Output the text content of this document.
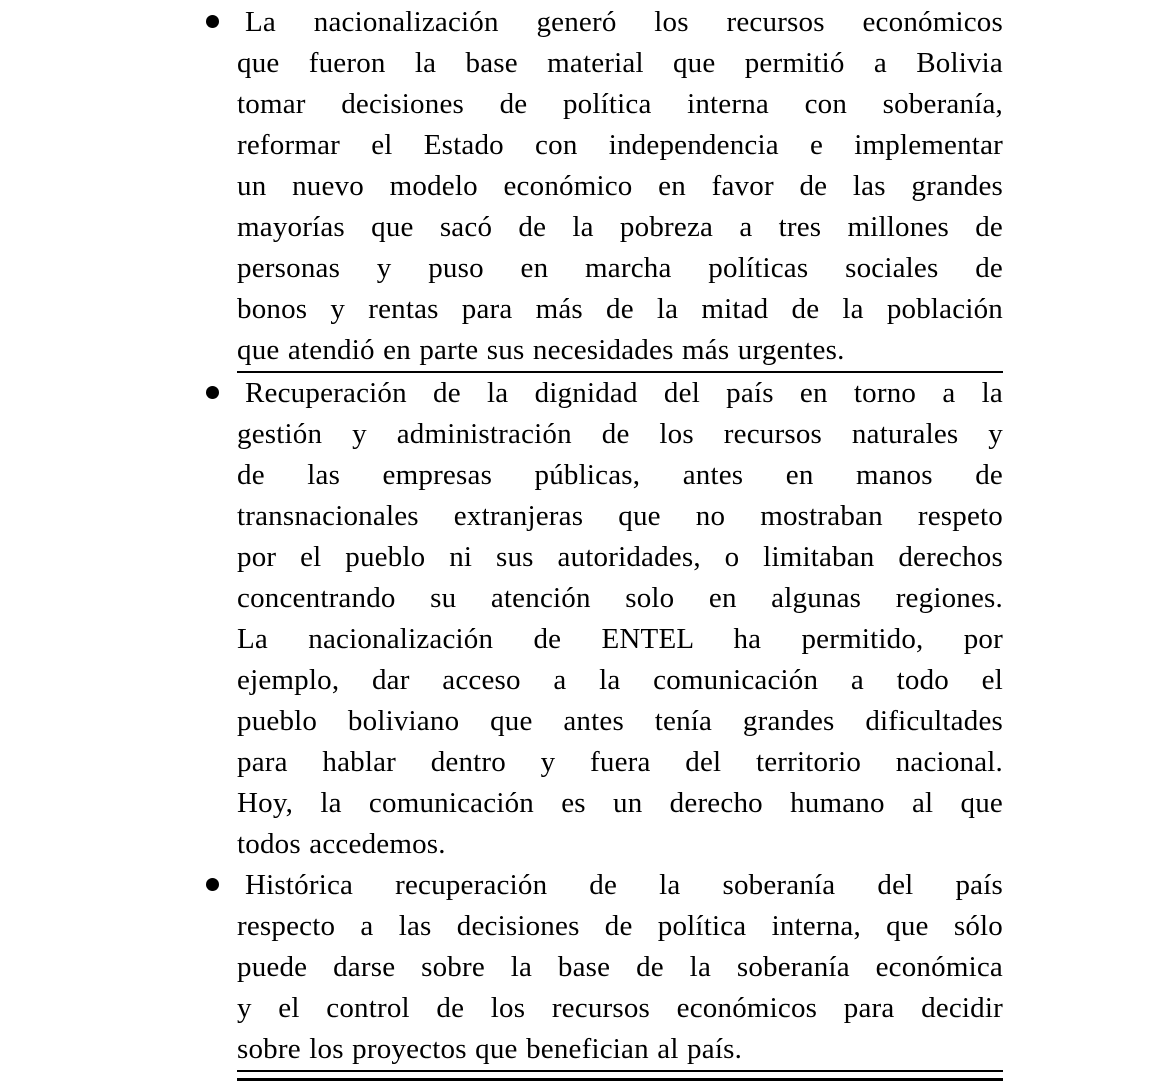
La nacionalización generó los recursos económicos
que fueron la base material que permitió a Bolivia
tomar decisiones de política interna con soberanía,
reformar el Estado con independencia e implementar
un nuevo modelo económico en favor de las grandes
mayorías que sacó de la pobreza a tres millones de
personas y puso en marcha políticas sociales de
bonos y rentas para más de la mitad de la población
que atendió en parte sus necesidades más urgentes.
Recuperación de la dignidad del país en torno a la
gestión y administración de los recursos naturales y
de las empresas públicas, antes en manos de
transnacionales extranjeras que no mostraban respeto
por el pueblo ni sus autoridades, o limitaban derechos
concentrando su atención solo en algunas regiones.
La nacionalización de ENTEL ha permitido, por
ejemplo, dar acceso a la comunicación a todo el
pueblo boliviano que antes tenía grandes dificultades
para hablar dentro y fuera del territorio nacional.
Hoy, la comunicación es un derecho humano al que
todos accedemos.
Histórica recuperación de la soberanía del país
respecto a las decisiones de política interna, que sólo
puede darse sobre la base de la soberanía económica
y el control de los recursos económicos para decidir
sobre los proyectos que benefician al país.
